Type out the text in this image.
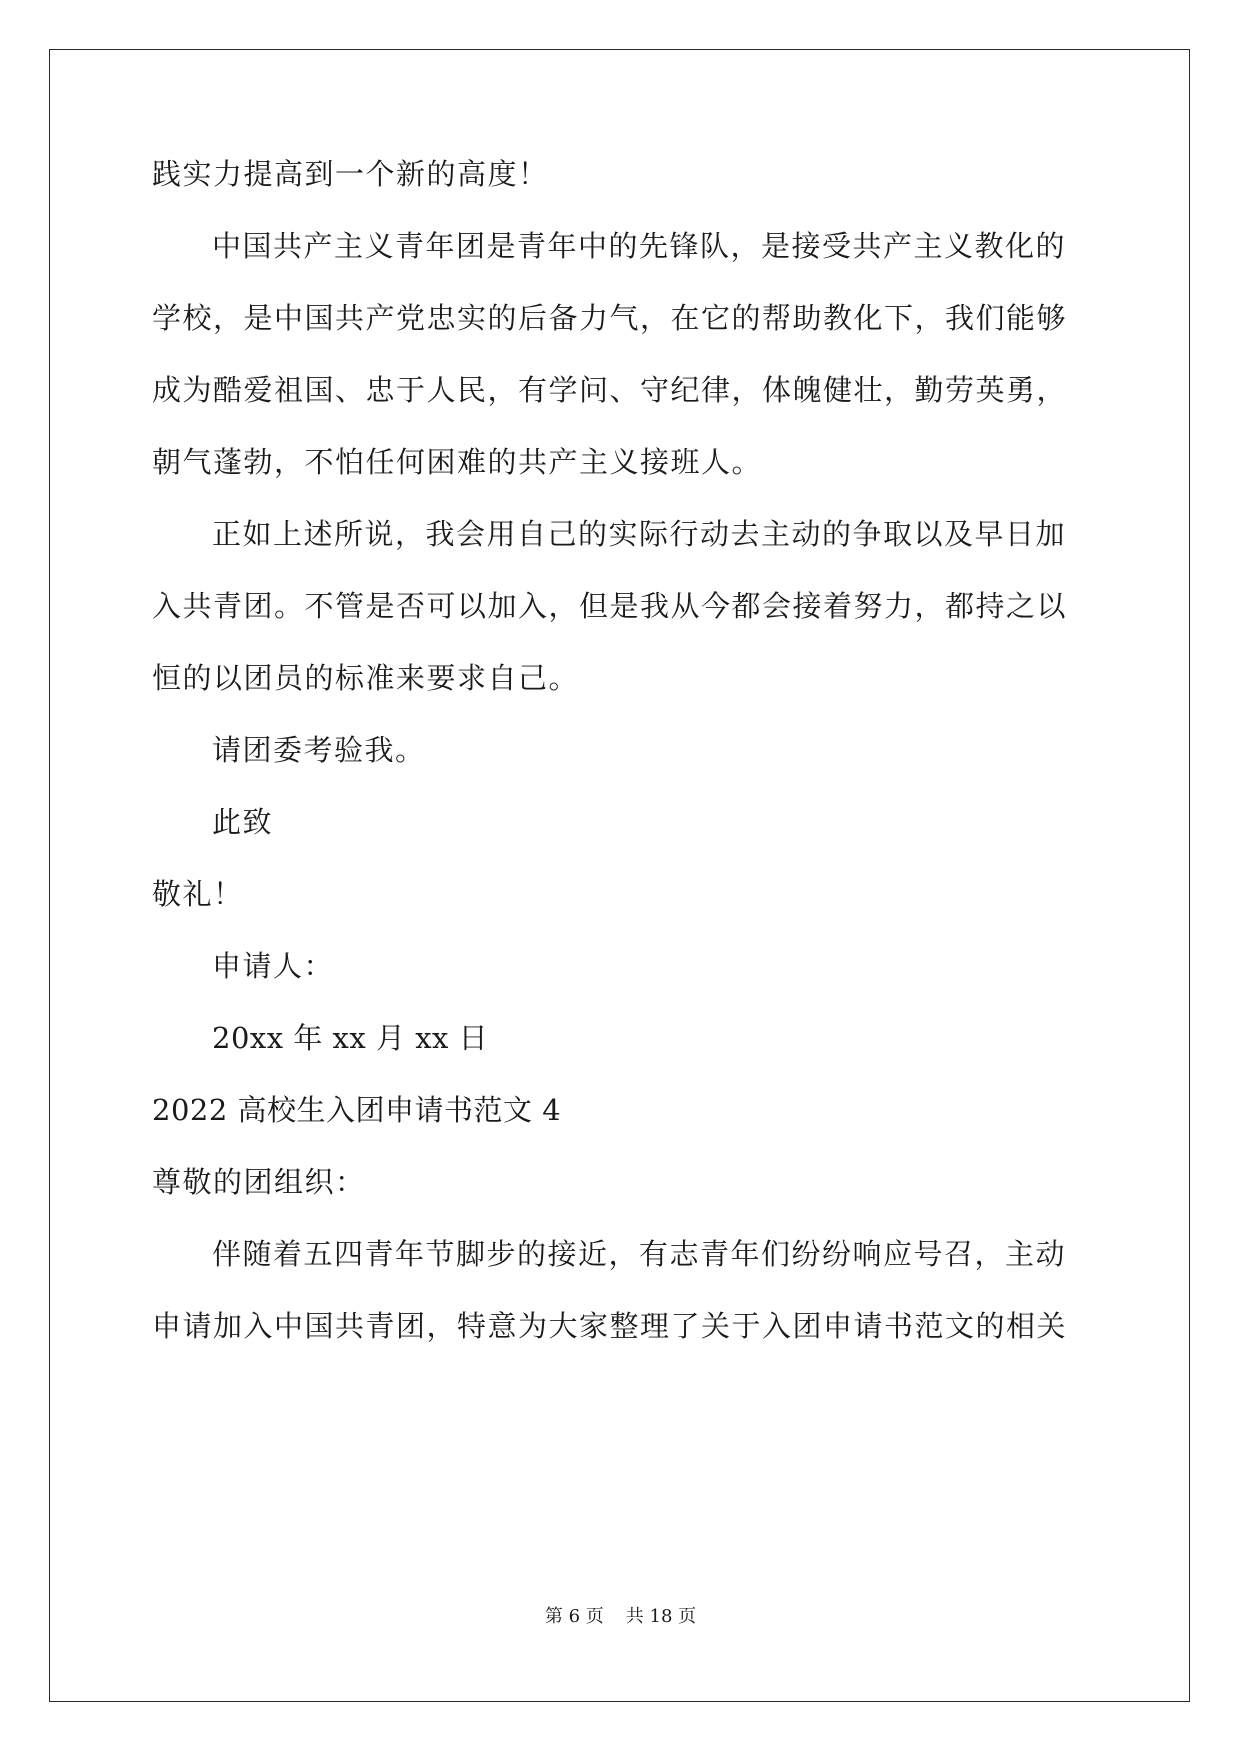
践实力提高到一个新的高度！
中国共产主义青年团是青年中的先锋队，是接受共产主义教化的
学校，是中国共产党忠实的后备力气，在它的帮助教化下，我们能够
成为酷爱祖国、忠于人民，有学问、守纪律，体魄健壮，勤劳英勇，
朝气蓬勃，不怕任何困难的共产主义接班人。
正如上述所说，我会用自己的实际行动去主动的争取以及早日加
入共青团。不管是否可以加入，但是我从今都会接着努力，都持之以
恒的以团员的标准来要求自己。
请团委考验我。
此致
敬礼！
申请人：
20xx 年 xx 月 xx 日
2022 高校生入团申请书范文 4
尊敬的团组织：
伴随着五四青年节脚步的接近，有志青年们纷纷响应号召，主动
申请加入中国共青团，特意为大家整理了关于入团申请书范文的相关
第 6 页 共 18 页
